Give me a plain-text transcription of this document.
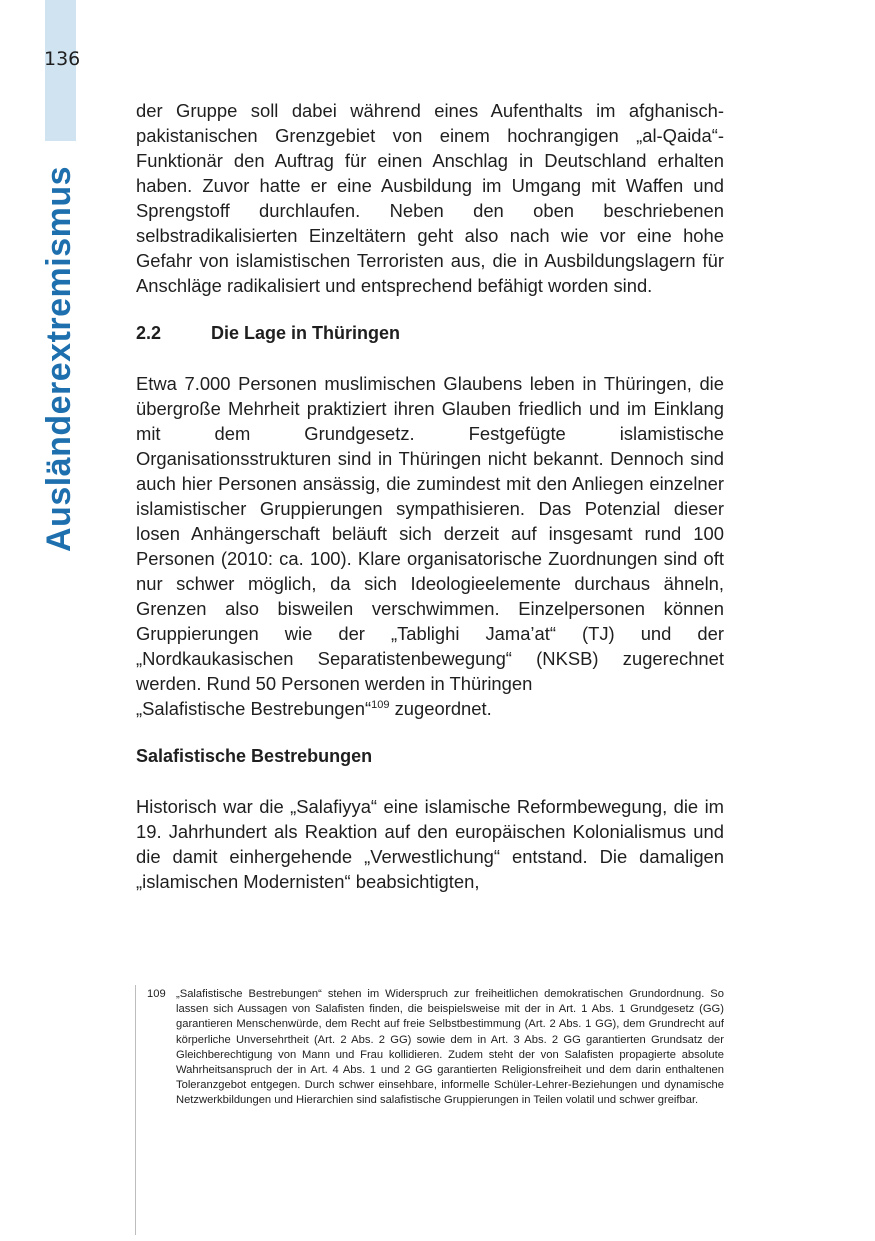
136
Ausländerextremismus

der Gruppe soll dabei während eines Aufenthalts im afghanisch-pakistanischen Grenzgebiet von einem hochrangigen „al-Qaida“-Funktionär den Auftrag für einen Anschlag in Deutschland erhalten haben. Zuvor hatte er eine Ausbildung im Umgang mit Waffen und Sprengstoff durchlaufen. Neben den oben beschriebenen selbstradikalisierten Einzeltätern geht also nach wie vor eine hohe Gefahr von islamistischen Terroristen aus, die in Ausbildungslagern für Anschläge radikalisiert und entsprechend befähigt worden sind.

2.2	Die Lage in Thüringen

Etwa 7.000 Personen muslimischen Glaubens leben in Thüringen, die übergroße Mehrheit praktiziert ihren Glauben friedlich und im Einklang mit dem Grundgesetz. Festgefügte islamistische Organisationsstrukturen sind in Thüringen nicht bekannt. Dennoch sind auch hier Personen ansässig, die zumindest mit den Anliegen einzelner islamistischer Gruppierungen sympathisieren. Das Potenzial dieser losen Anhängerschaft beläuft sich derzeit auf insgesamt rund 100 Personen (2010: ca. 100). Klare organisatorische Zuordnungen sind oft nur schwer möglich, da sich Ideologieelemente durchaus ähneln, Grenzen also bisweilen verschwimmen. Einzelpersonen können Gruppierungen wie der „Tablighi Jama’at“ (TJ) und der „Nordkaukasischen Separatistenbewegung“ (NKSB) zugerechnet werden. Rund 50 Personen werden in Thüringen

„Salafistische Bestrebungen“$^{109}$ zugeordnet.

Salafistische Bestrebungen

Historisch war die „Salafiyya“ eine islamische Reformbewegung, die im 19. Jahrhundert als Reaktion auf den europäischen Kolonialismus und die damit einhergehende „Verwestlichung“ entstand. Die damaligen „islamischen Modernisten“ beabsichtigten,

109 „Salafistische Bestrebungen“ stehen im Widerspruch zur freiheitlichen demokratischen Grundordnung. So lassen sich Aussagen von Salafisten finden, die beispielsweise mit der in Art. 1 Abs. 1 Grundgesetz (GG) garantieren Menschenwürde, dem Recht auf freie Selbstbestimmung (Art. 2 Abs. 1 GG), dem Grundrecht auf körperliche Unversehrtheit (Art. 2 Abs. 2 GG) sowie dem in Art. 3 Abs. 2 GG garantierten Grundsatz der Gleichberechtigung von Mann und Frau kollidieren. Zudem steht der von Salafisten propagierte absolute Wahrheitsanspruch der in Art. 4 Abs. 1 und 2 GG garantierten Religionsfreiheit und dem darin enthaltenen Toleranzgebot entgegen. Durch schwer einsehbare, informelle Schüler-Lehrer-Beziehungen und dynamische Netzwerkbildungen und Hierarchien sind salafistische Gruppierungen in Teilen volatil und schwer greifbar.
